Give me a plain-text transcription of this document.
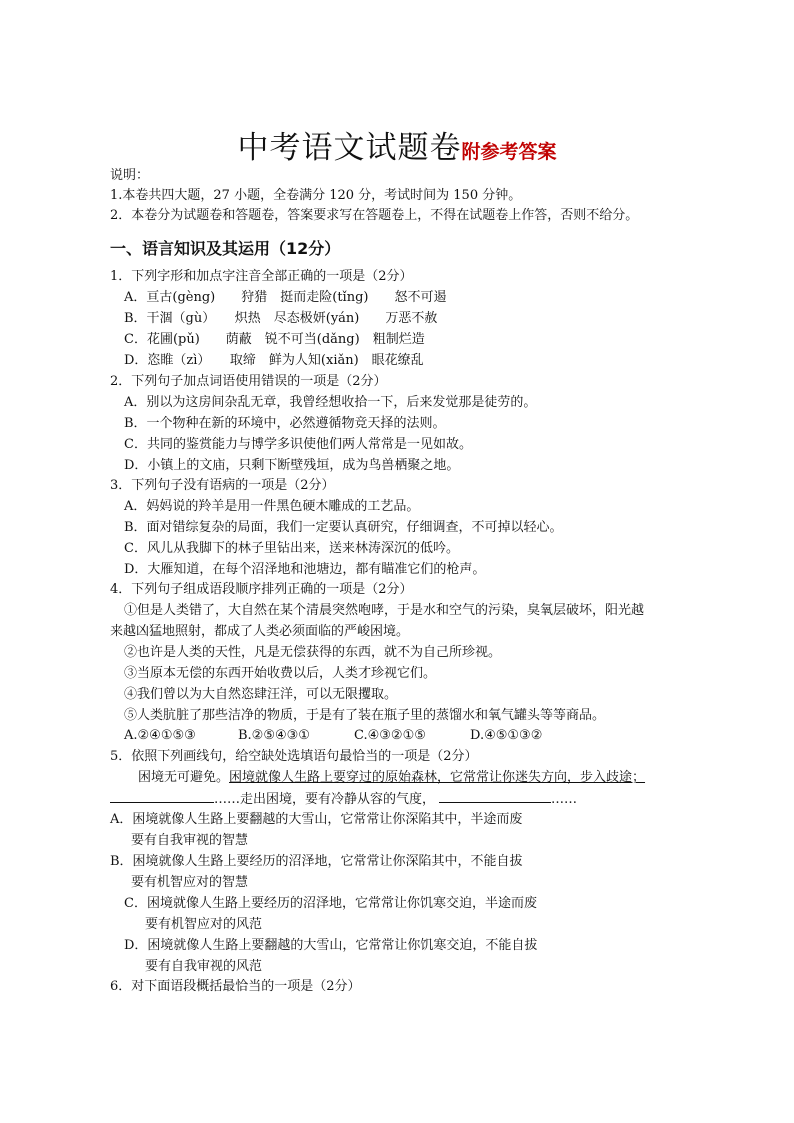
中考语文试题卷附参考答案
说明：
1.本卷共四大题，27 小题，全卷满分 120 分，考试时间为 150 分钟。
2．本卷分为试题卷和答题卷，答案要求写在答题卷上，不得在试题卷上作答，否则不给分。
一、语言知识及其运用（12分）
1．下列字形和加点字注音全部正确的一项是（2分）
A．亘古(gèng)　　狩猎　挺而走险(tǐng)　　怒不可遏
B．干涸（gù）　　炽热　尽态极妍(yán)　　万恶不赦
C．花圃(pǔ)　　荫蔽　锐不可当(dǎng)　粗制烂造
D．恣睢（zì）　　取缔　鲜为人知(xiǎn)　眼花缭乱
2．下列句子加点词语使用错误的一项是（2分）
A．别以为这房间杂乱无章，我曾经想收拾一下，后来发觉那是徒劳的。
B．一个物种在新的环境中，必然遵循物竞天择的法则。
C．共同的鉴赏能力与博学多识使他们两人常常是一见如故。
D．小镇上的文庙，只剩下断壁残垣，成为鸟兽栖聚之地。
3．下列句子没有语病的一项是（2分）
A．妈妈说的羚羊是用一件黑色硬木雕成的工艺品。
B．面对错综复杂的局面，我们一定要认真研究，仔细调查，不可掉以轻心。
C．风儿从我脚下的林子里钻出来，送来林涛深沉的低吟。
D．大雁知道，在每个沼泽地和池塘边，都有瞄准它们的枪声。
4．下列句子组成语段顺序排列正确的一项是（2分）
①但是人类错了，大自然在某个清晨突然咆哮，于是水和空气的污染，臭氧层破坏，阳光越
来越凶猛地照射，都成了人类必须面临的严峻困境。
②也许是人类的天性，凡是无偿获得的东西，就不为自己所珍视。
③当原本无偿的东西开始收费以后，人类才珍视它们。
④我们曾以为大自然恣肆汪洋，可以无限攫取。
⑤人类肮脏了那些洁净的物质，于是有了装在瓶子里的蒸馏水和氧气罐头等等商品。
A.②④①⑤③	B.②⑤④③①	C.④③②①⑤	D.④⑤①③②
5．依照下列画线句，给空缺处选填语句最恰当的一项是（2分）
困境无可避免。困境就像人生路上要穿过的原始森林，它常常让你迷失方向，步入歧途；
……走出困境，要有冷静从容的气度，	……
A．困境就像人生路上要翻越的大雪山，它常常让你深陷其中，半途而废
要有自我审视的智慧
B．困境就像人生路上要经历的沼泽地，它常常让你深陷其中，不能自拔
要有机智应对的智慧
C．困境就像人生路上要经历的沼泽地，它常常让你饥寒交迫，半途而废
要有机智应对的风范
D．困境就像人生路上要翻越的大雪山，它常常让你饥寒交迫，不能自拔
要有自我审视的风范
6．对下面语段概括最恰当的一项是（2分）
